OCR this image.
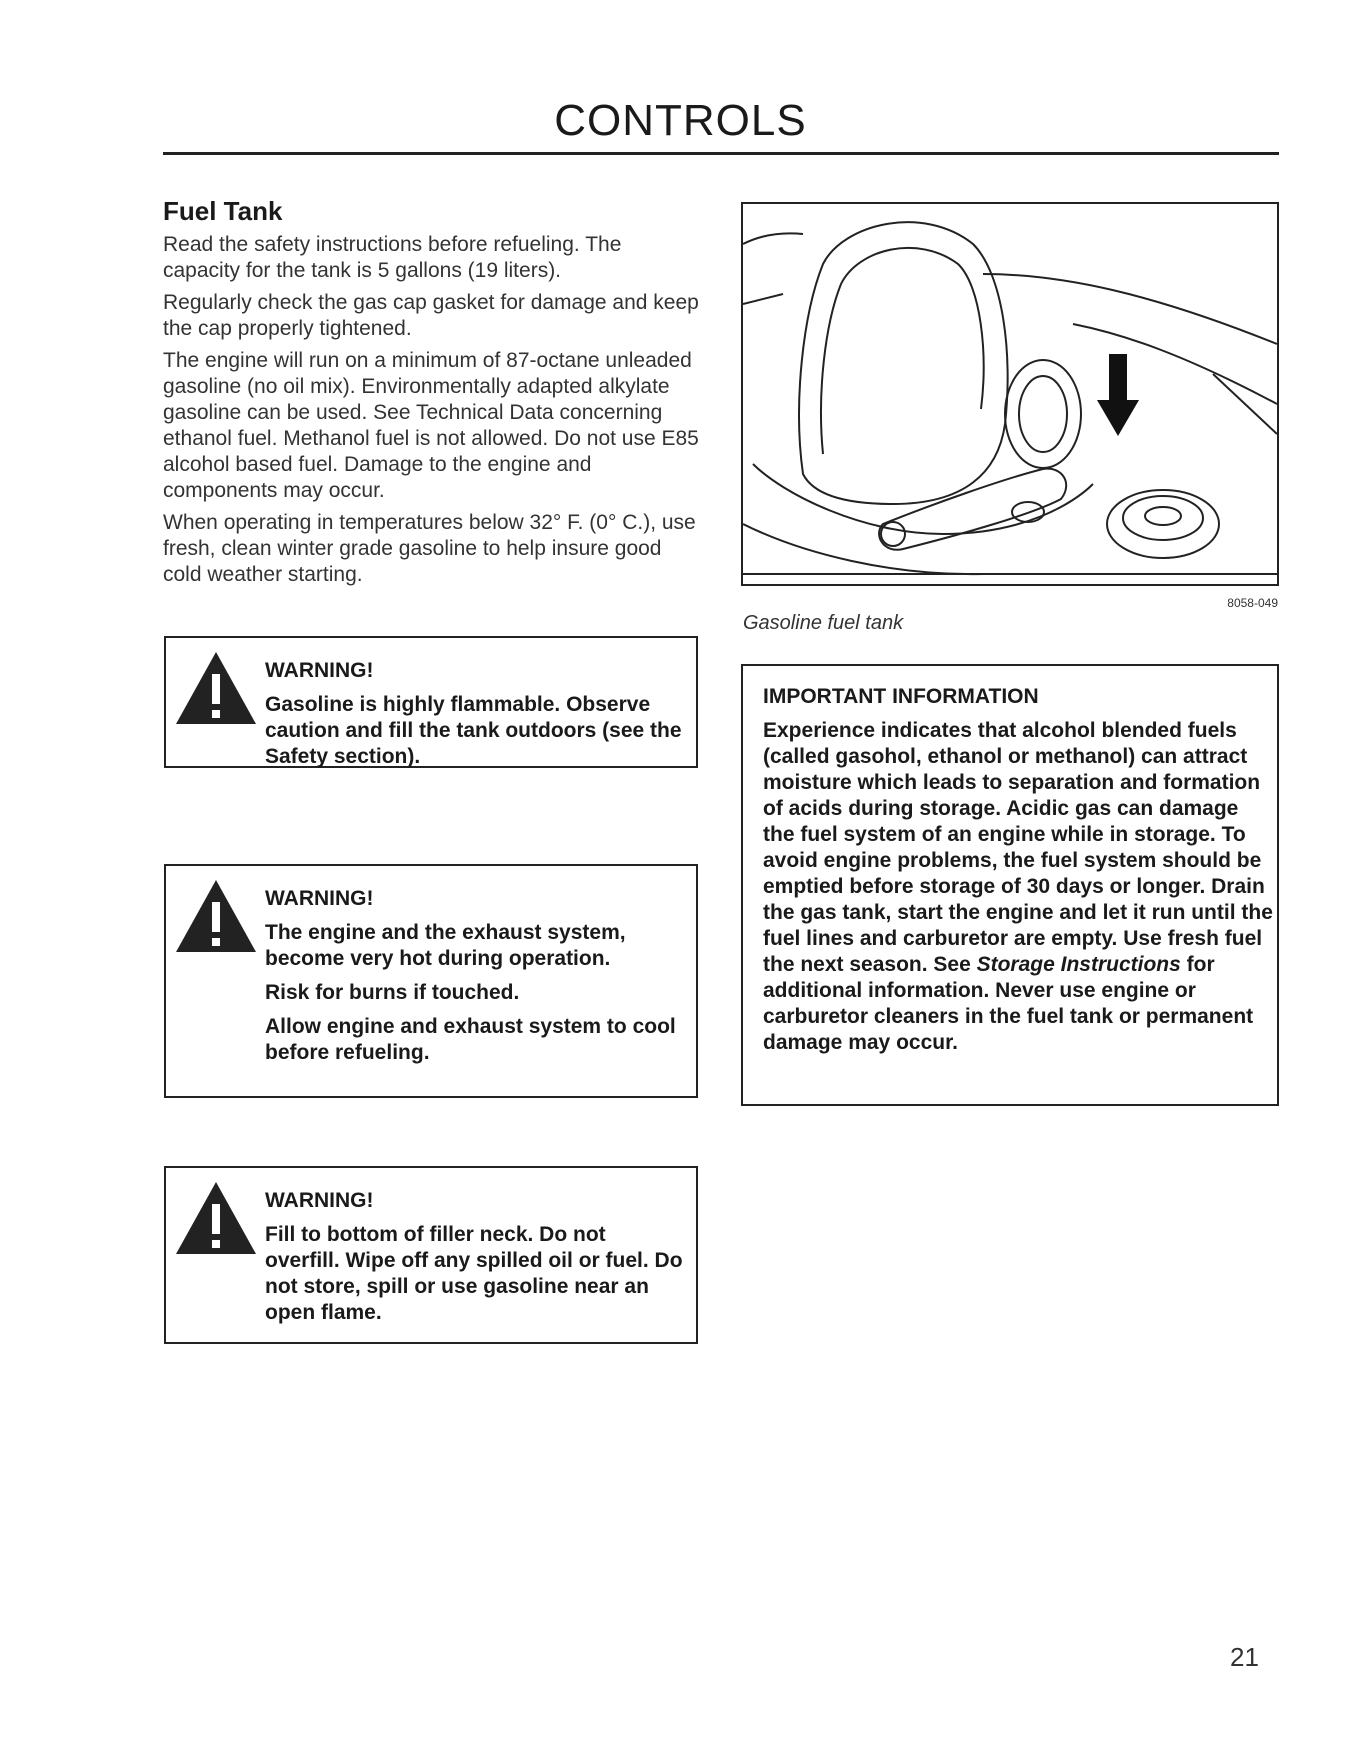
CONTROLS
Fuel Tank

Read the safety instructions before refueling. The capacity for the tank is 5 gallons (19 liters).

Regularly check the gas cap gasket for damage and keep the cap properly tightened.

The engine will run on a minimum of 87-octane unleaded gasoline (no oil mix). Environmentally adapted alkylate gasoline can be used. See Technical Data concerning ethanol fuel. Methanol fuel is not allowed. Do not use E85 alcohol based fuel. Damage to the engine and components may occur.

When operating in temperatures below 32° F. (0° C.), use fresh, clean winter grade gasoline to help insure good cold weather starting.

WARNING!
Gasoline is highly flammable. Observe caution and fill the tank outdoors (see the Safety section).
WARNING!
The engine and the exhaust system, become very hot during operation.
Risk for burns if touched.
Allow engine and exhaust system to cool before refueling.
WARNING!
Fill to bottom of filler neck. Do not overfill. Wipe off any spilled oil or fuel. Do not store, spill or use gasoline near an open flame.
8058-049
Gasoline fuel tank
IMPORTANT INFORMATION
Experience indicates that alcohol blended fuels (called gasohol, ethanol or methanol) can attract moisture which leads to separation and formation of acids during storage. Acidic gas can damage the fuel system of an engine while in storage. To avoid engine problems, the fuel system should be emptied before storage of 30 days or longer. Drain the gas tank, start the engine and let it run until the fuel lines and carburetor are empty. Use fresh fuel the next season. See Storage Instructions for additional information. Never use engine or carburetor cleaners in the fuel tank or permanent damage may occur.
21
